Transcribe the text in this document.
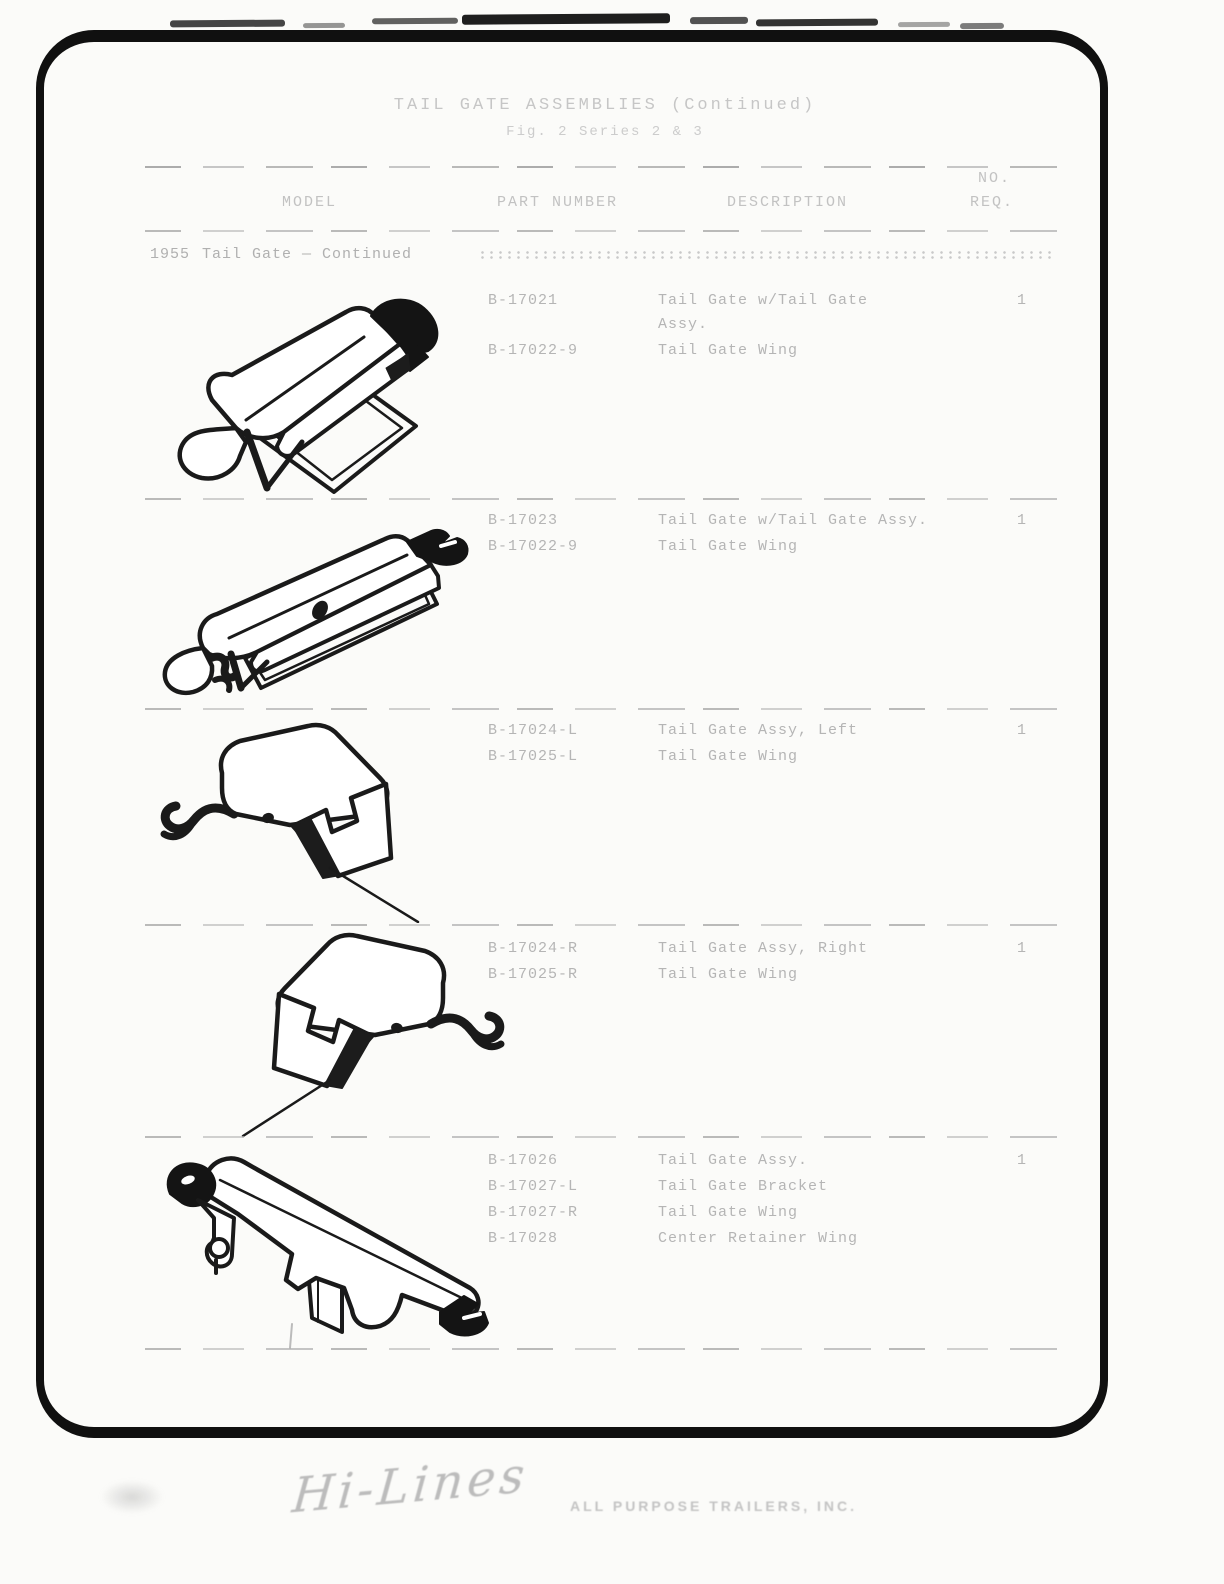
TAIL GATE ASSEMBLIES (Continued)
Fig. 2 Series 2 & 3
MODEL	PART NUMBER	DESCRIPTION
NO.
REQ.
1955 Tail Gate — Continued
B-17021	Tail Gate w/Tail Gate	1
Assy.
B-17022-9	Tail Gate Wing
B-17023	Tail Gate w/Tail Gate Assy.	1
B-17022-9	Tail Gate Wing
B-17024-L	Tail Gate Assy, Left	1
B-17025-L	Tail Gate Wing
B-17024-R	Tail Gate Assy, Right	1
B-17025-R	Tail Gate Wing
B-17026	Tail Gate Assy.	1
B-17027-L	Tail Gate Bracket
B-17027-R	Tail Gate Wing
B-17028	Center Retainer Wing
Hi-Lines	ALL PURPOSE TRAILERS, INC.
